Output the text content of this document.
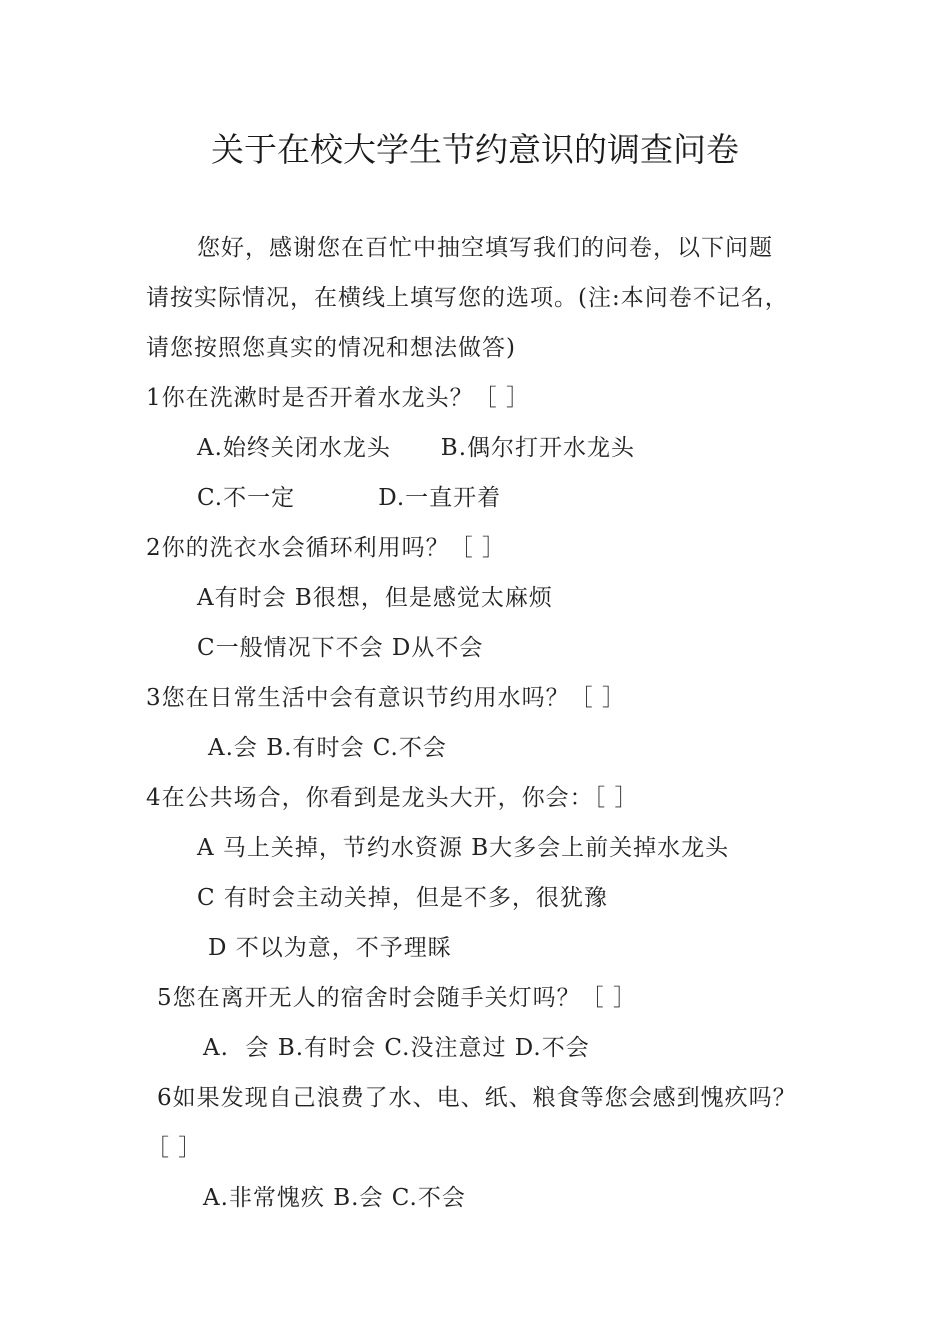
关于在校大学生节约意识的调查问卷
您好，感谢您在百忙中抽空填写我们的问卷，以下问题
请按实际情况，在横线上填写您的选项。(注:本问卷不记名，
请您按照您真实的情况和想法做答)
1你在洗漱时是否开着水龙头？［ ］
A.始终关闭水龙头      B.偶尔打开水龙头
C.不一定          D.一直开着
2你的洗衣水会循环利用吗？［ ］
A有时会 B很想，但是感觉太麻烦
C一般情况下不会 D从不会
3您在日常生活中会有意识节约用水吗？［ ］
A.会 B.有时会 C.不会
4在公共场合，你看到是龙头大开，你会：［ ］
A 马上关掉，节约水资源 B大多会上前关掉水龙头
C 有时会主动关掉，但是不多，很犹豫
D 不以为意，不予理睬
5您在离开无人的宿舍时会随手关灯吗？［ ］
A.  会 B.有时会 C.没注意过 D.不会
6如果发现自己浪费了水、电、纸、粮食等您会感到愧疚吗？
［ ］
A.非常愧疚 B.会 C.不会
